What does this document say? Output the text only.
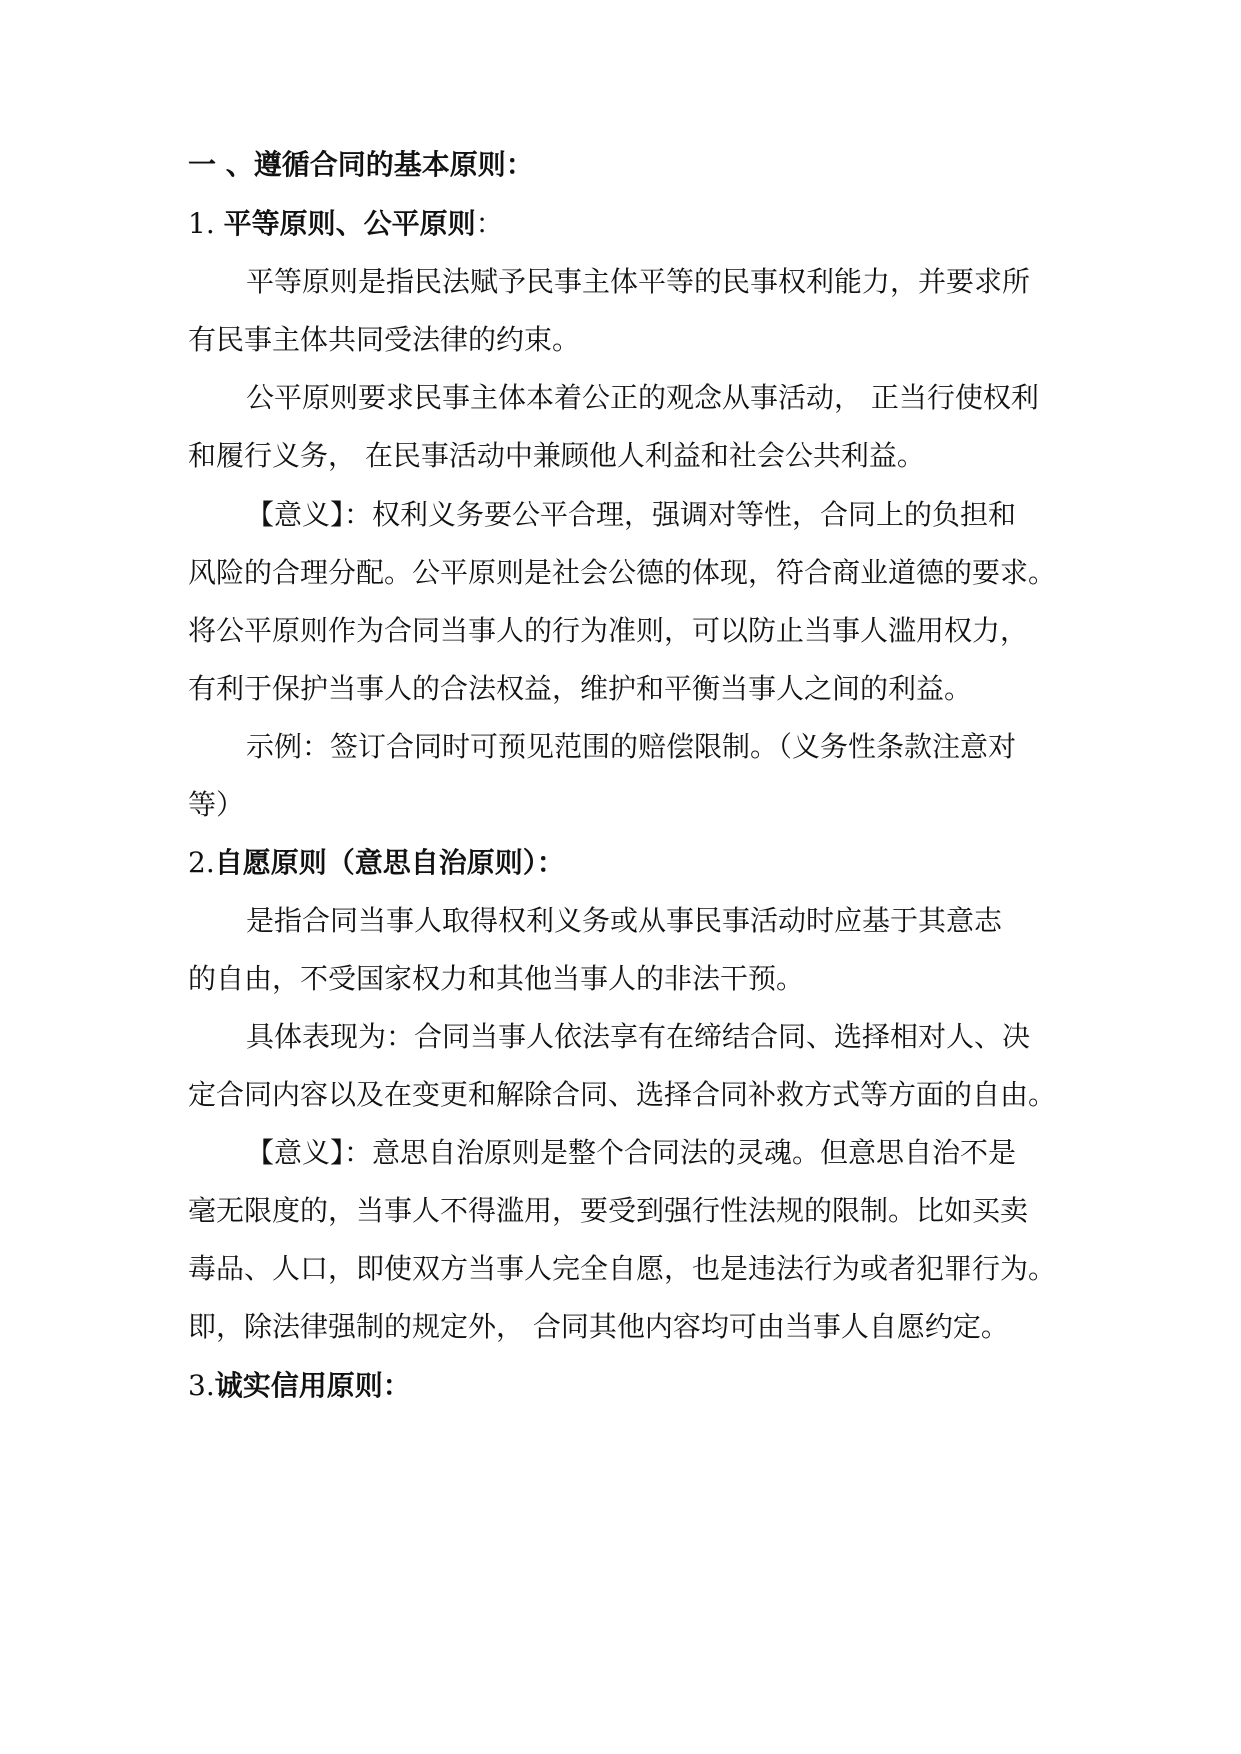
一 、遵循合同的基本原则：
1. 平等原则、公平原则：
平等原则是指民法赋予民事主体平等的民事权利能力，并要求所
有民事主体共同受法律的约束。
公平原则要求民事主体本着公正的观念从事活动， 正当行使权利
和履行义务， 在民事活动中兼顾他人利益和社会公共利益。
【意义】：权利义务要公平合理，强调对等性，合同上的负担和
风险的合理分配。公平原则是社会公德的体现，符合商业道德的要求。
将公平原则作为合同当事人的行为准则，可以防止当事人滥用权力，
有利于保护当事人的合法权益，维护和平衡当事人之间的利益。
示例：签订合同时可预见范围的赔偿限制。（义务性条款注意对
等）
2.自愿原则（意思自治原则）：
是指合同当事人取得权利义务或从事民事活动时应基于其意志
的自由，不受国家权力和其他当事人的非法干预。
具体表现为：合同当事人依法享有在缔结合同、选择相对人、决
定合同内容以及在变更和解除合同、选择合同补救方式等方面的自由。
【意义】：意思自治原则是整个合同法的灵魂。但意思自治不是
毫无限度的，当事人不得滥用，要受到强行性法规的限制。比如买卖
毒品、人口，即使双方当事人完全自愿，也是违法行为或者犯罪行为。
即，除法律强制的规定外， 合同其他内容均可由当事人自愿约定。
3.诚实信用原则：
